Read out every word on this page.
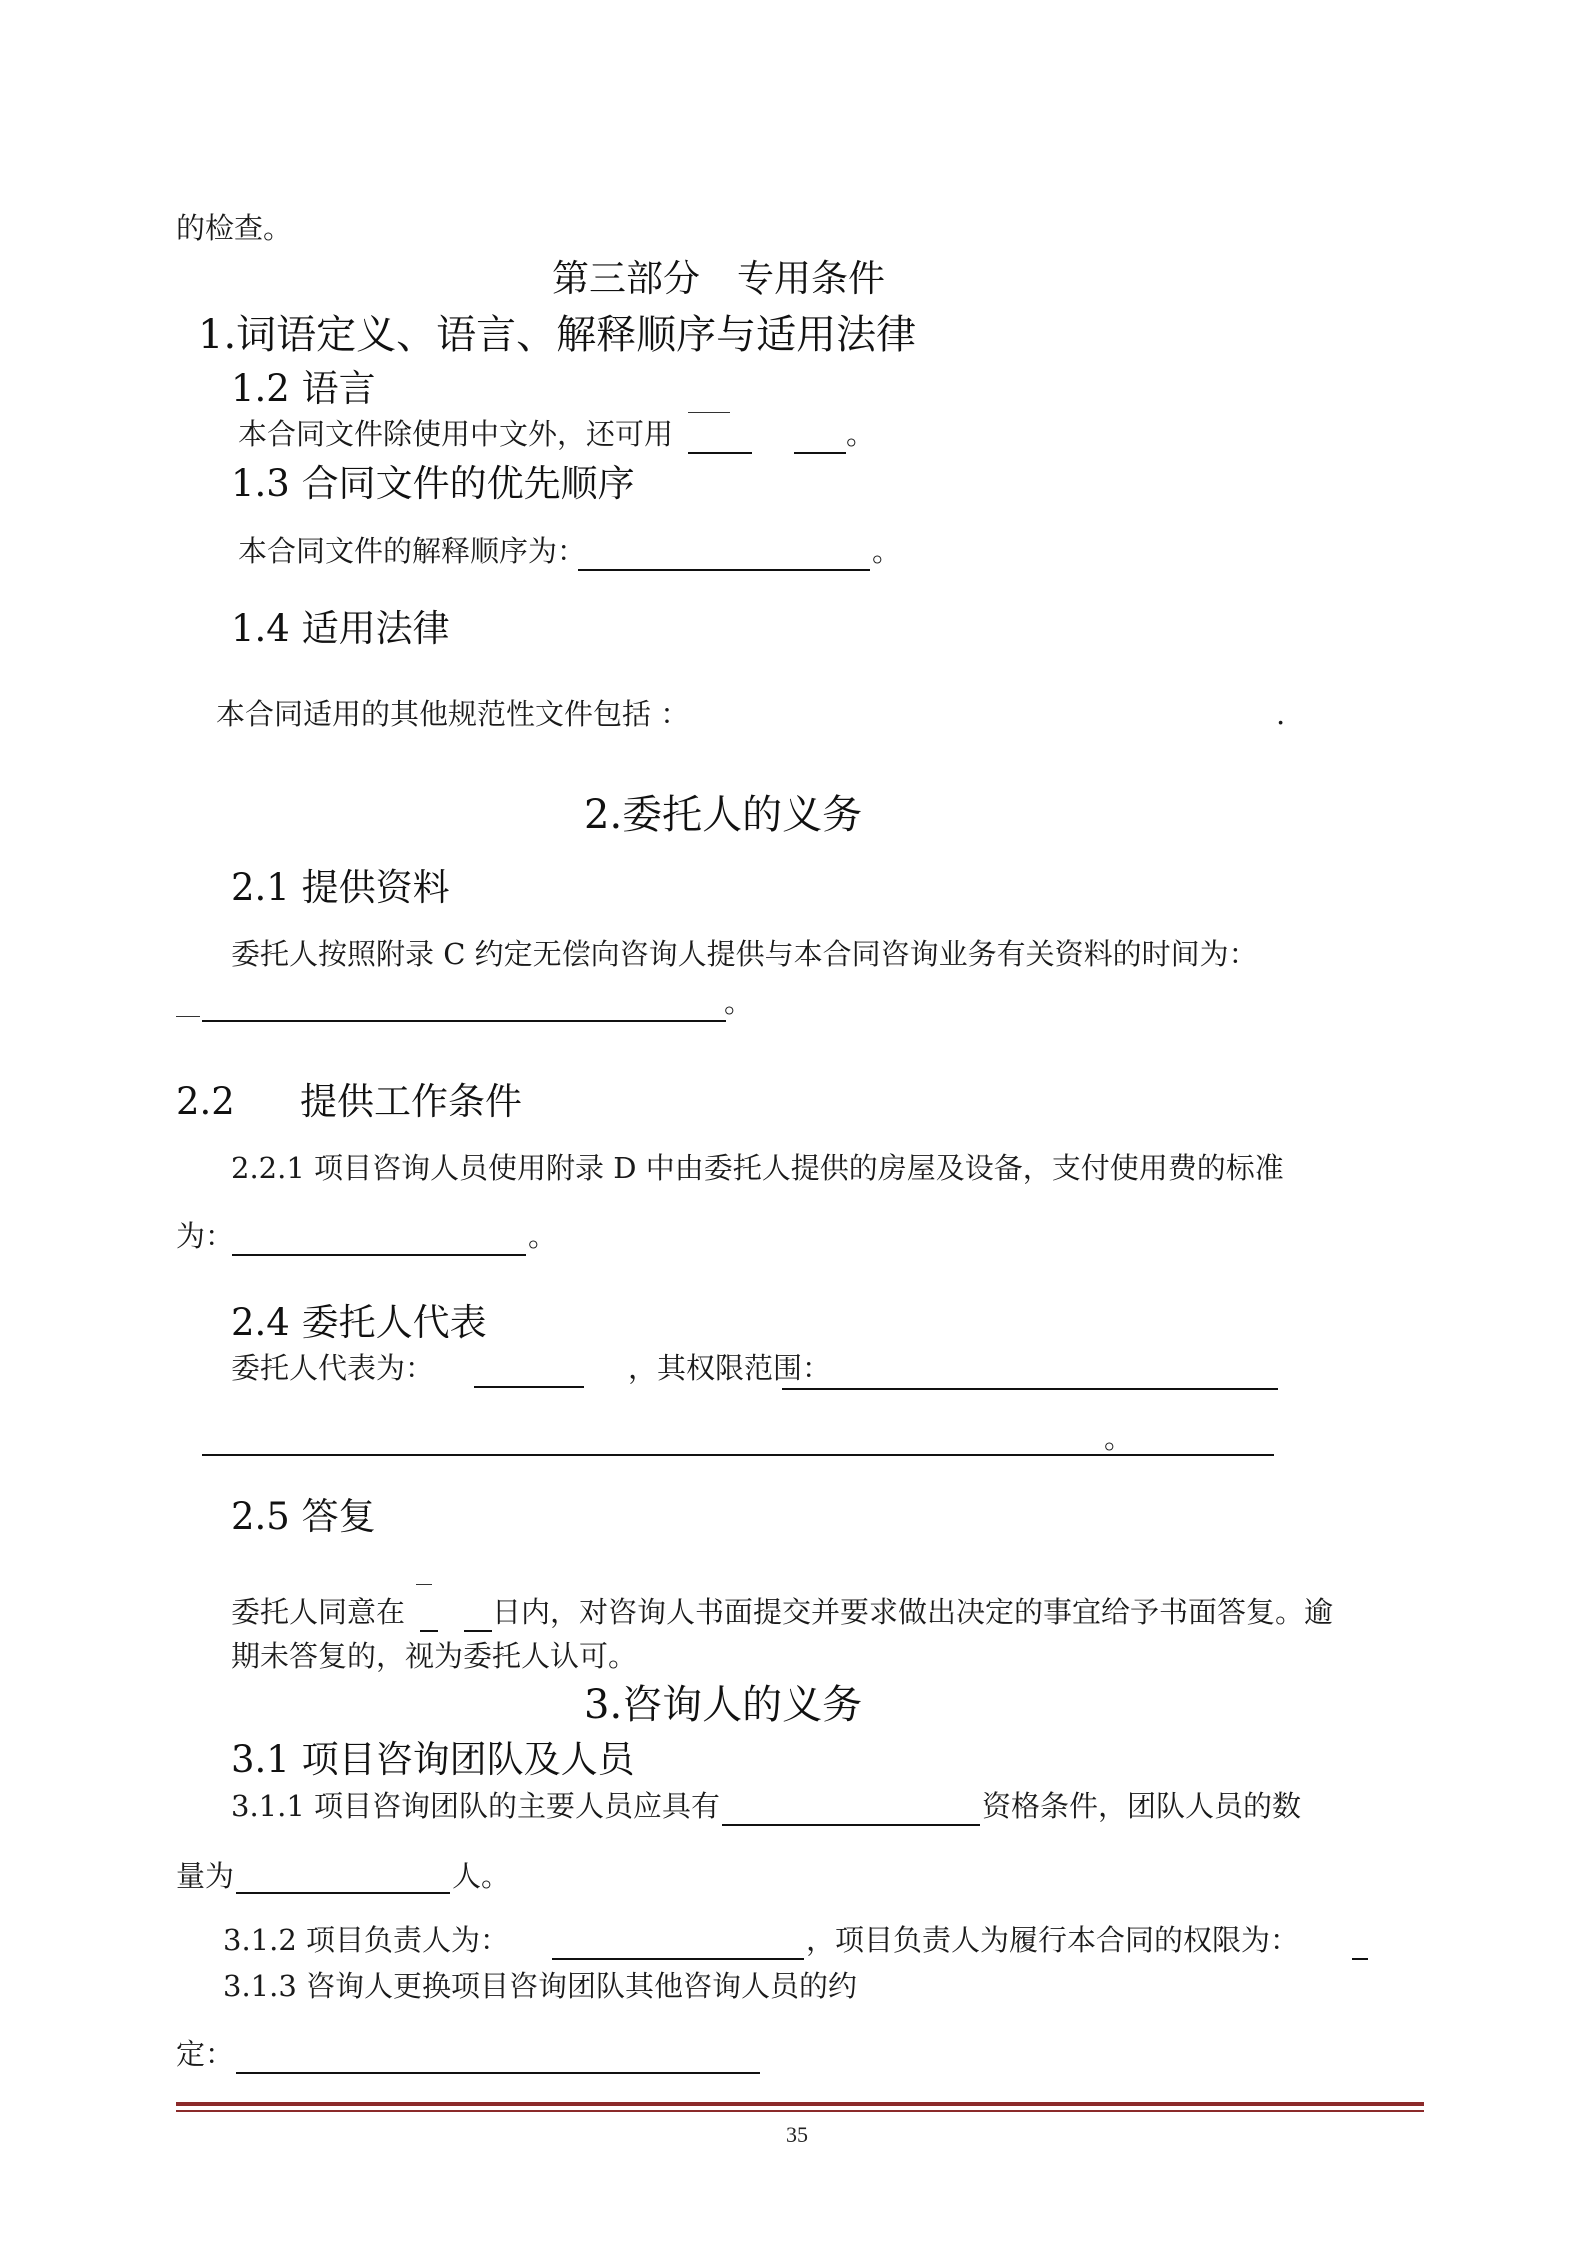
的检查。
第三部分　专用条件
1.词语定义、语言、解释顺序与适用法律
1.2 语言
本合同文件除使用中文外，还可用	。
1.3 合同文件的优先顺序
本合同文件的解释顺序为：	。
1.4 适用法律
本合同适用的其他规范性文件包括 ：	.
2.委托人的义务
2.1 提供资料
委托人按照附录 C 约定无偿向咨询人提供与本合同咨询业务有关资料的时间为：
。
2.2 提供工作条件
2.2.1 项目咨询人员使用附录 D 中由委托人提供的房屋及设备，支付使用费的标准
为：	。
2.4 委托人代表
委托人代表为：	，其权限范围：
。
2.5 答复
委托人同意在	日内，对咨询人书面提交并要求做出决定的事宜给予书面答复。逾
期未答复的，视为委托人认可。
3.咨询人的义务
3.1 项目咨询团队及人员
3.1.1 项目咨询团队的主要人员应具有	资格条件，团队人员的数
量为	人。
3.1.2 项目负责人为：	，项目负责人为履行本合同的权限为：
3.1.3 咨询人更换项目咨询团队其他咨询人员的约
定：
35
